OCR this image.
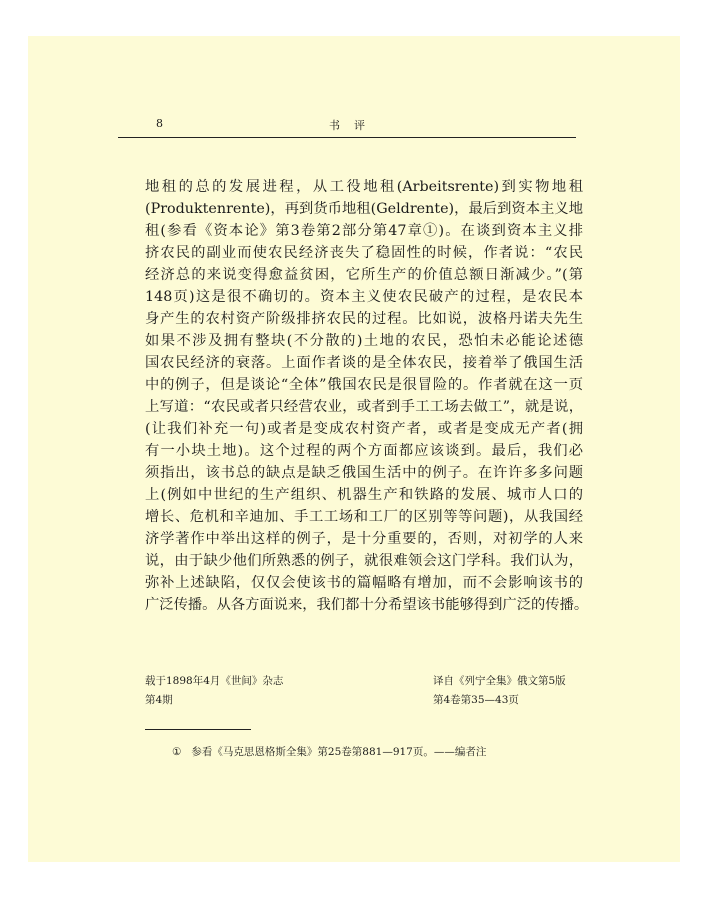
8	书评
地租的总的发展进程，从工役地租(Arbeitsrente)到实物地租
(Produktenrente)，再到货币地租(Geldrente)，最后到资本主义地
租(参看《资本论》第3卷第2部分第47章①)。在谈到资本主义排
挤农民的副业而使农民经济丧失了稳固性的时候，作者说：“农民
经济总的来说变得愈益贫困，它所生产的价值总额日渐减少。”(第
148页)这是很不确切的。资本主义使农民破产的过程，是农民本
身产生的农村资产阶级排挤农民的过程。比如说，波格丹诺夫先生
如果不涉及拥有整块(不分散的)土地的农民，恐怕未必能论述德
国农民经济的衰落。上面作者谈的是全体农民，接着举了俄国生活
中的例子，但是谈论“全体”俄国农民是很冒险的。作者就在这一页
上写道：“农民或者只经营农业，或者到手工工场去做工”，就是说，
(让我们补充一句)或者是变成农村资产者，或者是变成无产者(拥
有一小块土地)。这个过程的两个方面都应该谈到。最后，我们必
须指出，该书总的缺点是缺乏俄国生活中的例子。在许许多多问题
上(例如中世纪的生产组织、机器生产和铁路的发展、城市人口的
增长、危机和辛迪加、手工工场和工厂的区别等等问题)，从我国经
济学著作中举出这样的例子，是十分重要的，否则，对初学的人来
说，由于缺少他们所熟悉的例子，就很难领会这门学科。我们认为，
弥补上述缺陷，仅仅会使该书的篇幅略有增加，而不会影响该书的
广泛传播。从各方面说来，我们都十分希望该书能够得到广泛的传播。
载于1898年4月《世间》杂志
第4期
译自《列宁全集》俄文第5版
第4卷第35—43页
① 参看《马克思恩格斯全集》第25卷第881—917页。——编者注
